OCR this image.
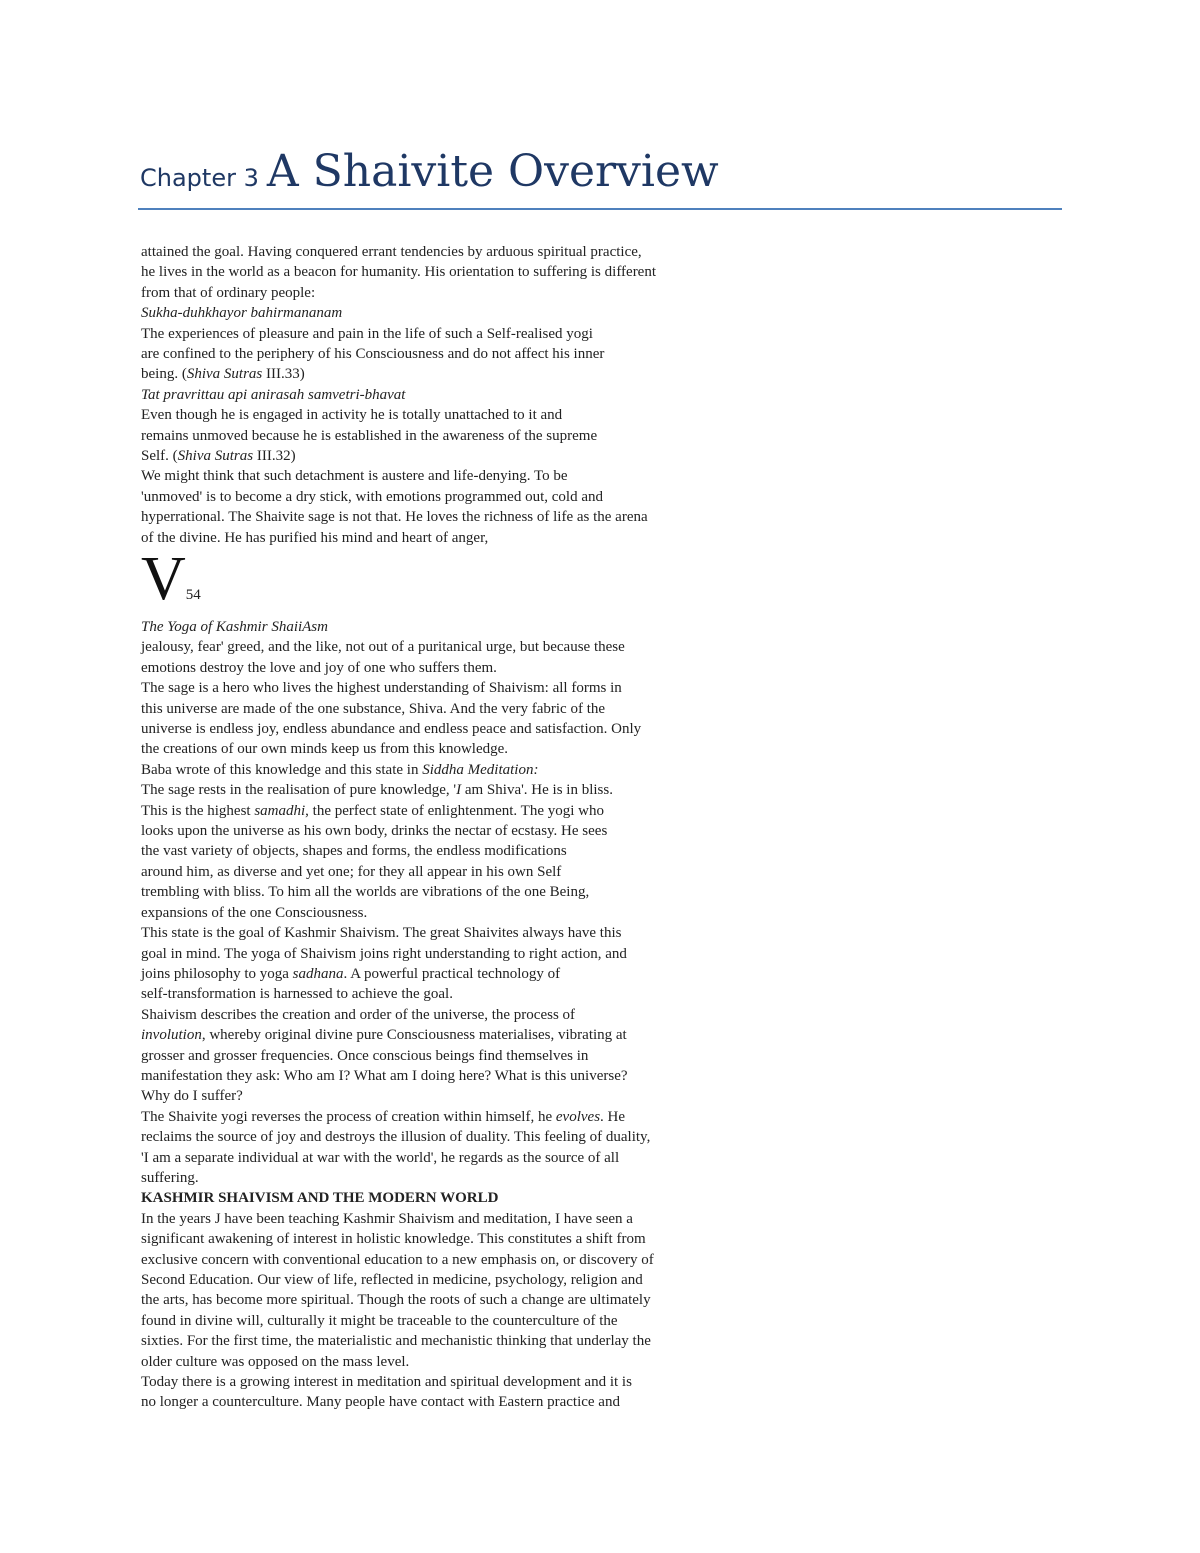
Chapter 3 A Shaivite Overview

attained the goal. Having conquered errant tendencies by arduous spiritual practice,

he lives in the world as a beacon for humanity. His orientation to suffering is different

from that of ordinary people:

Sukha-duhkhayor bahirmananam

The experiences of pleasure and pain in the life of such a Self-realised yogi

are confined to the periphery of his Consciousness and do not affect his inner

being. (Shiva Sutras III.33)

Tat pravrittau api anirasah samvetri-bhavat

Even though he is engaged in activity he is totally unattached to it and

remains unmoved because he is established in the awareness of the supreme

Self. (Shiva Sutras III.32)

We might think that such detachment is austere and life-denying. To be

'unmoved' is to become a dry stick, with emotions programmed out, cold and

hyperrational. The Shaivite sage is not that. He loves the richness of life as the arena

of the divine. He has purified his mind and heart of anger,

V54

The Yoga of Kashmir ShaiiAsm

jealousy, fear' greed, and the like, not out of a puritanical urge, but because these

emotions destroy the love and joy of one who suffers them.

The sage is a hero who lives the highest understanding of Shaivism: all forms in

this universe are made of the one substance, Shiva. And the very fabric of the

universe is endless joy, endless abundance and endless peace and satisfaction. Only

the creations of our own minds keep us from this knowledge.

Baba wrote of this knowledge and this state in Siddha Meditation:

The sage rests in the realisation of pure knowledge, 'I am Shiva'. He is in bliss.

This is the highest samadhi, the perfect state of enlightenment. The yogi who

looks upon the universe as his own body, drinks the nectar of ecstasy. He sees

the vast variety of objects, shapes and forms, the endless modifications

around him, as diverse and yet one; for they all appear in his own Self

trembling with bliss. To him all the worlds are vibrations of the one Being,

expansions of the one Consciousness.

This state is the goal of Kashmir Shaivism. The great Shaivites always have this

goal in mind. The yoga of Shaivism joins right understanding to right action, and

joins philosophy to yoga sadhana. A powerful practical technology of

self-transformation is harnessed to achieve the goal.

Shaivism describes the creation and order of the universe, the process of

involution, whereby original divine pure Consciousness materialises, vibrating at

grosser and grosser frequencies. Once conscious beings find themselves in

manifestation they ask: Who am I? What am I doing here? What is this universe?

Why do I suffer?

The Shaivite yogi reverses the process of creation within himself, he evolves. He

reclaims the source of joy and destroys the illusion of duality. This feeling of duality,

'I am a separate individual at war with the world', he regards as the source of all

suffering.

KASHMIR SHAIVISM AND THE MODERN WORLD

In the years J have been teaching Kashmir Shaivism and meditation, I have seen a

significant awakening of interest in holistic knowledge. This constitutes a shift from

exclusive concern with conventional education to a new emphasis on, or discovery of

Second Education. Our view of life, reflected in medicine, psychology, religion and

the arts, has become more spiritual. Though the roots of such a change are ultimately

found in divine will, culturally it might be traceable to the counterculture of the

sixties. For the first time, the materialistic and mechanistic thinking that underlay the

older culture was opposed on the mass level.

Today there is a growing interest in meditation and spiritual development and it is

no longer a counterculture. Many people have contact with Eastern practice and
